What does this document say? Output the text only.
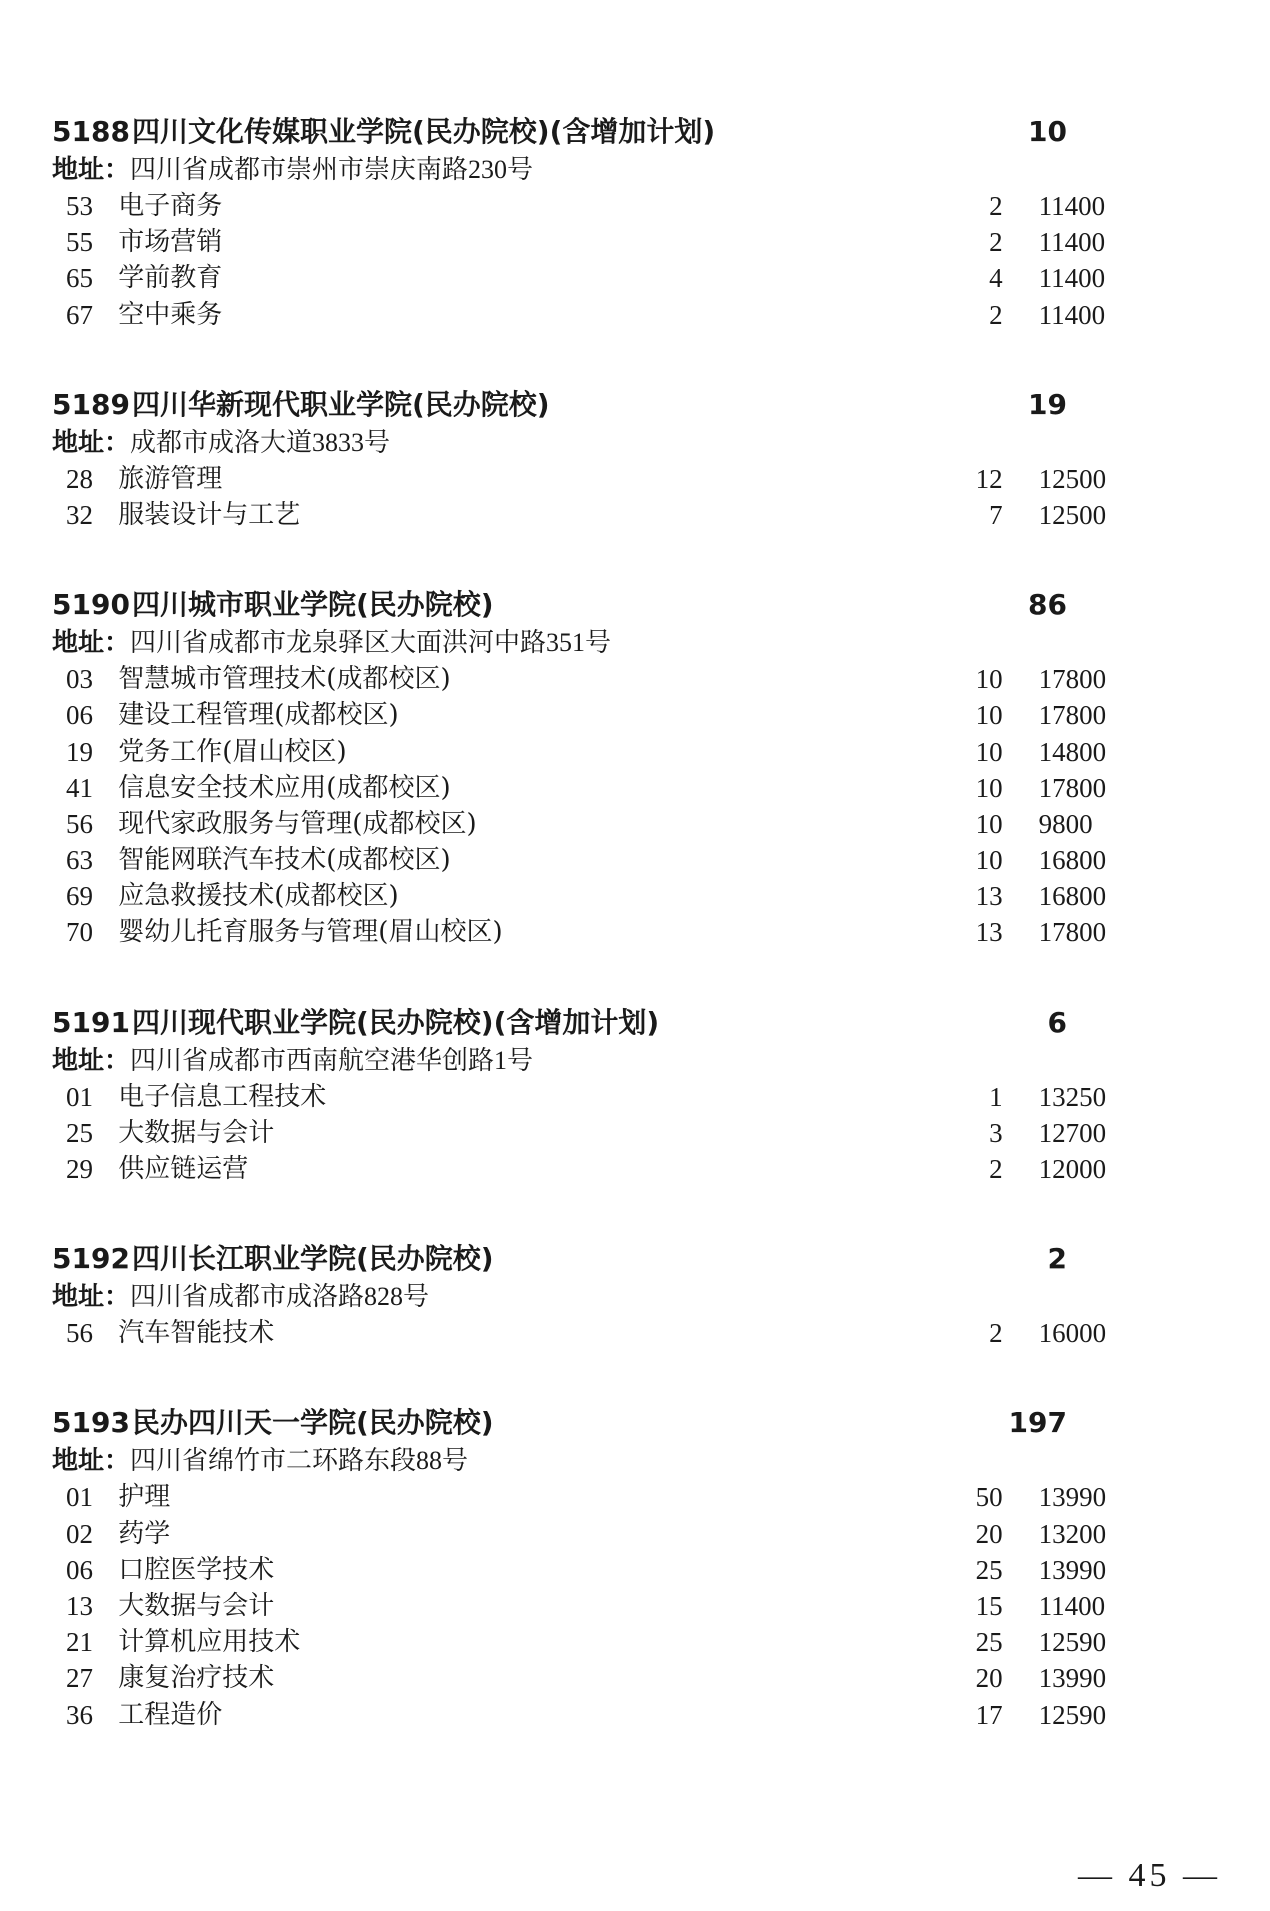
5188 四川文化传媒职业学院(民办院校)(含增加计划)	10
地址：四川省成都市崇州市崇庆南路230号
53 电子商务	2	11400
55 市场营销	2	11400
65 学前教育	4	11400
67 空中乘务	2	11400
5189 四川华新现代职业学院(民办院校)	19
地址：成都市成洛大道3833号
28 旅游管理	12	12500
32 服装设计与工艺	7	12500
5190 四川城市职业学院(民办院校)	86
地址：四川省成都市龙泉驿区大面洪河中路351号
03 智慧城市管理技术(成都校区)	10	17800
06 建设工程管理(成都校区)	10	17800
19 党务工作(眉山校区)	10	14800
41 信息安全技术应用(成都校区)	10	17800
56 现代家政服务与管理(成都校区)	10	9800
63 智能网联汽车技术(成都校区)	10	16800
69 应急救援技术(成都校区)	13	16800
70 婴幼儿托育服务与管理(眉山校区)	13	17800
5191 四川现代职业学院(民办院校)(含增加计划)	6
地址：四川省成都市西南航空港华创路1号
01 电子信息工程技术	1	13250
25 大数据与会计	3	12700
29 供应链运营	2	12000
5192 四川长江职业学院(民办院校)	2
地址：四川省成都市成洛路828号
56 汽车智能技术	2	16000
5193 民办四川天一学院(民办院校)	197
地址：四川省绵竹市二环路东段88号
01 护理	50	13990
02 药学	20	13200
06 口腔医学技术	25	13990
13 大数据与会计	15	11400
21 计算机应用技术	25	12590
27 康复治疗技术	20	13990
36 工程造价	17	12590
— 45 —
